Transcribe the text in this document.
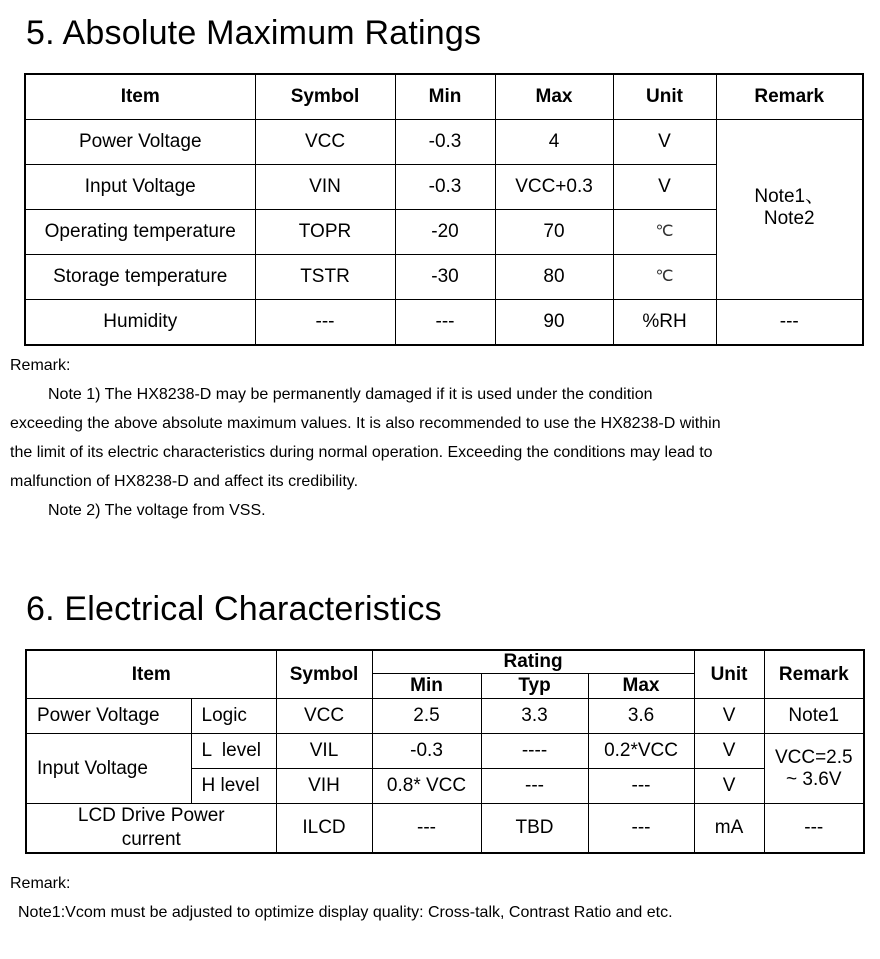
5. Absolute Maximum Ratings
Item	Symbol	Min	Max	Unit	Remark
Power Voltage	VCC	-0.3	4	V	Note1、
Note2

Input Voltage	VIN	-0.3	VCC+0.3	V	
Operating temperature	TOPR	-20	70	℃	
Storage temperature	TSTR	-30	80	℃	
Humidity	---	---	90	%RH	---
Remark:
Note 1) The HX8238-D may be permanently damaged if it is used under the condition
exceeding the above absolute maximum values. It is also recommended to use the HX8238-D within
the limit of its electric characteristics during normal operation. Exceeding the conditions may lead to
malfunction of HX8238-D and affect its credibility.
Note 2) The voltage from VSS.
6. Electrical Characteristics
Item		Symbol	Rating			Unit	Remark
			Min	Typ	Max		
Power Voltage	Logic	VCC	2.5	3.3	3.6	V	Note1
Input Voltage	L  level	VIL	-0.3	----	0.2*VCC	V	VCC=2.5
~ 3.6V

	H level	VIH	0.8* VCC	---	---	V	

LCD Drive Power
current		ILCD	---	TBD	---	mA	---
Remark:
Note1:Vcom must be adjusted to optimize display quality: Cross-talk, Contrast Ratio and etc.
